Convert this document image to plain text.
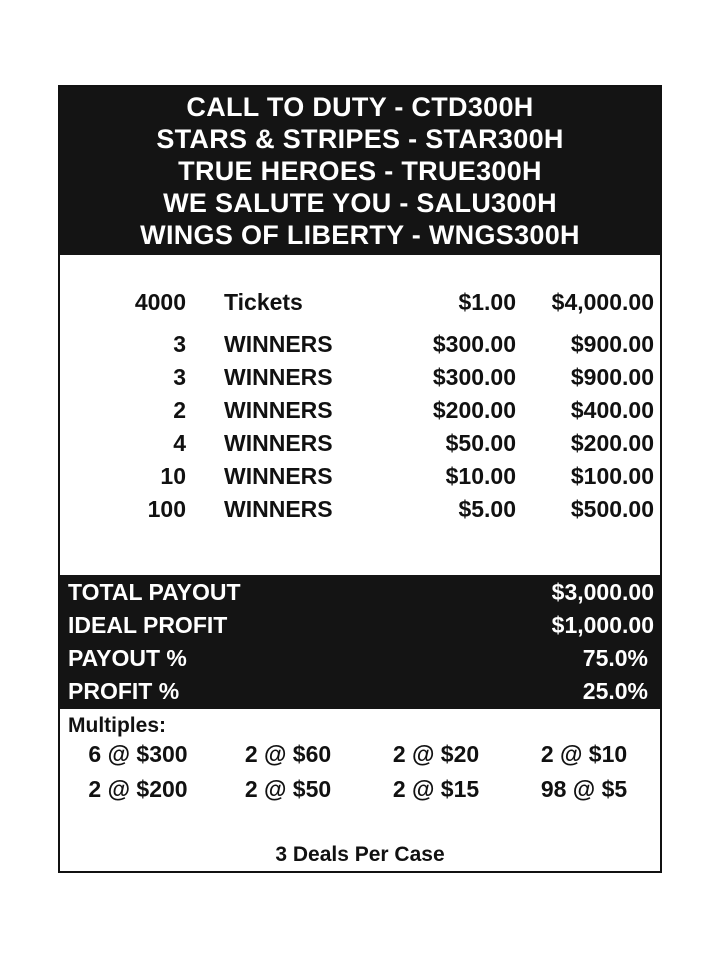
CALL TO DUTY - CTD300H
STARS & STRIPES - STAR300H
TRUE HEROES - TRUE300H
WE SALUTE YOU - SALU300H
WINGS OF LIBERTY - WNGS300H
4000 Tickets	$1.00 $4,000.00
3 WINNERS	$300.00 $900.00
3 WINNERS	$300.00 $900.00
2 WINNERS	$200.00 $400.00
4 WINNERS	$50.00 $200.00
10 WINNERS	$10.00 $100.00
100 WINNERS	$5.00 $500.00
TOTAL PAYOUT	$3,000.00
IDEAL PROFIT	$1,000.00
PAYOUT %	75.0%
PROFIT %	25.0%
Multiples:
6 @ $300	2 @ $60	2 @ $20	2 @ $10
2 @ $200	2 @ $50	2 @ $15	98 @ $5
3 Deals Per Case
